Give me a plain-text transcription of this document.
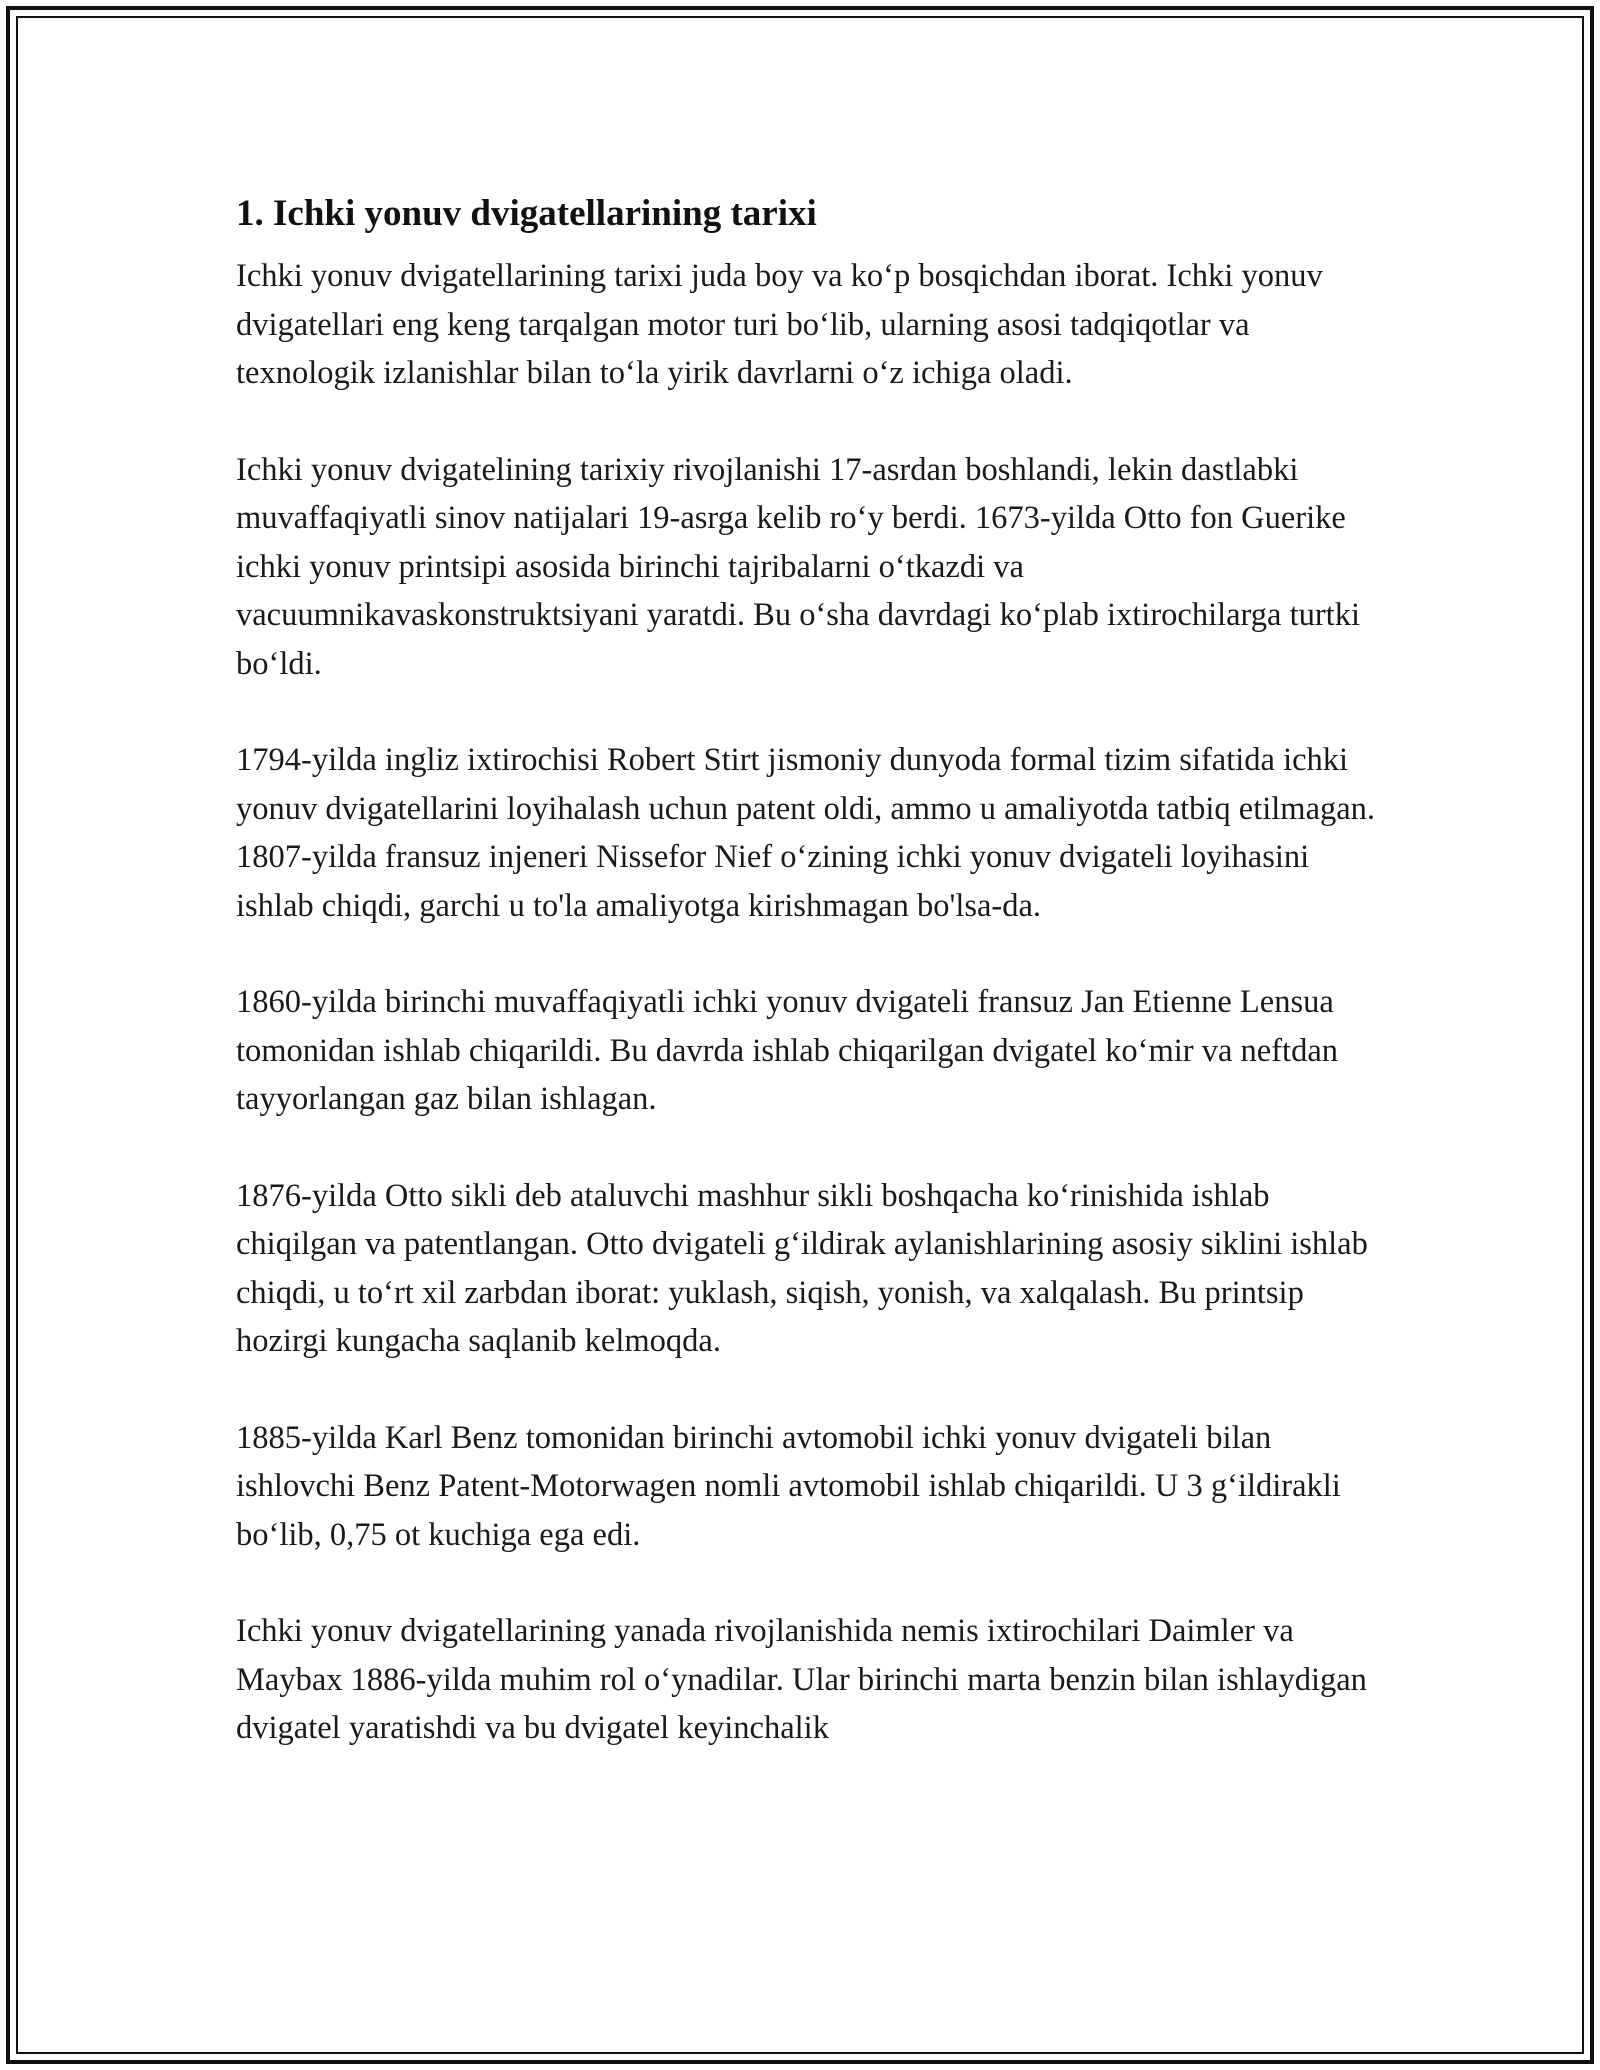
1. Ichki yonuv dvigatellarining tarixi

Ichki yonuv dvigatellarining tarixi juda boy va ko‘p bosqichdan iborat. Ichki yonuv dvigatellari eng keng tarqalgan motor turi bo‘lib, ularning asosi tadqiqotlar va texnologik izlanishlar bilan to‘la yirik davrlarni o‘z ichiga oladi.

Ichki yonuv dvigatelining tarixiy rivojlanishi 17-asrdan boshlandi, lekin dastlabki muvaffaqiyatli sinov natijalari 19-asrga kelib ro‘y berdi. 1673-yilda Otto fon Guerike ichki yonuv printsipi asosida birinchi tajribalarni o‘tkazdi va vacuumnikavaskonstruktsiyani yaratdi. Bu o‘sha davrdagi ko‘plab ixtirochilarga turtki bo‘ldi.

1794-yilda ingliz ixtirochisi Robert Stirt jismoniy dunyoda formal tizim sifatida ichki yonuv dvigatellarini loyihalash uchun patent oldi, ammo u amaliyotda tatbiq etilmagan. 1807-yilda fransuz injeneri Nissefor Nief o‘zining ichki yonuv dvigateli loyihasini ishlab chiqdi, garchi u to'la amaliyotga kirishmagan bo'lsa-da.

1860-yilda birinchi muvaffaqiyatli ichki yonuv dvigateli fransuz Jan Etienne Lensua tomonidan ishlab chiqarildi. Bu davrda ishlab chiqarilgan dvigatel ko‘mir va neftdan tayyorlangan gaz bilan ishlagan.

1876-yilda Otto sikli deb ataluvchi mashhur sikli boshqacha ko‘rinishida ishlab chiqilgan va patentlangan. Otto dvigateli g‘ildirak aylanishlarining asosiy siklini ishlab chiqdi, u to‘rt xil zarbdan iborat: yuklash, siqish, yonish, va xalqalash. Bu printsip hozirgi kungacha saqlanib kelmoqda.

1885-yilda Karl Benz tomonidan birinchi avtomobil ichki yonuv dvigateli bilan ishlovchi Benz Patent-Motorwagen nomli avtomobil ishlab chiqarildi. U 3 g‘ildirakli bo‘lib, 0,75 ot kuchiga ega edi.

Ichki yonuv dvigatellarining yanada rivojlanishida nemis ixtirochilari Daimler va Maybax 1886-yilda muhim rol o‘ynadilar. Ular birinchi marta benzin bilan ishlaydigan dvigatel yaratishdi va bu dvigatel keyinchalik
